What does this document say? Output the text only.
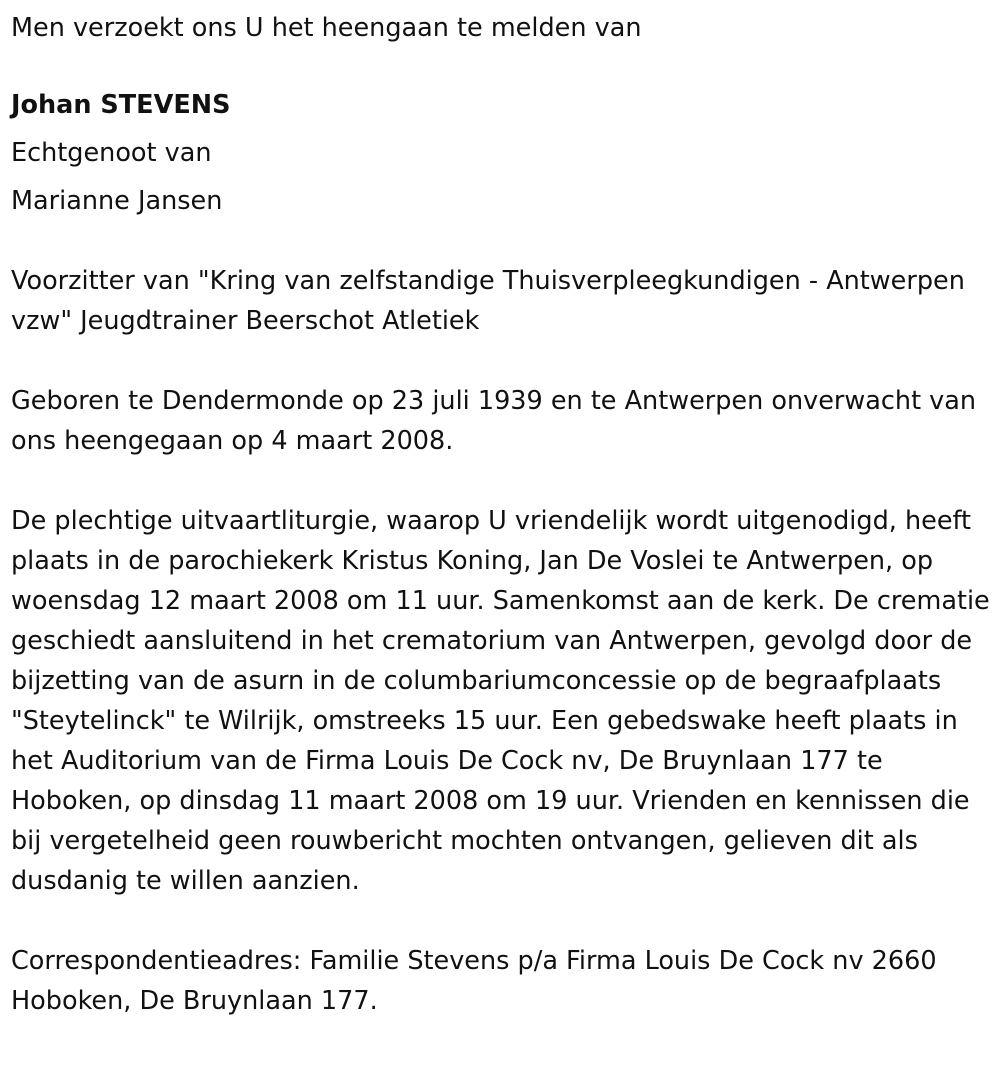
Men verzoekt ons U het heengaan te melden van

Johan STEVENS

Echtgenoot van

Marianne Jansen

Voorzitter van "Kring van zelfstandige Thuisverpleegkundigen - Antwerpen vzw" Jeugdtrainer Beerschot Atletiek

Geboren te Dendermonde op 23 juli 1939 en te Antwerpen onverwacht van ons heengegaan op 4 maart 2008.

De plechtige uitvaartliturgie, waarop U vriendelijk wordt uitgenodigd, heeft plaats in de parochiekerk Kristus Koning, Jan De Voslei te Antwerpen, op woensdag 12 maart 2008 om 11 uur. Samenkomst aan de kerk. De crematie geschiedt aansluitend in het crematorium van Antwerpen, gevolgd door de bijzetting van de asurn in de columbariumconcessie op de begraafplaats "Steytelinck" te Wilrijk, omstreeks 15 uur. Een gebedswake heeft plaats in het Auditorium van de Firma Louis De Cock nv, De Bruynlaan 177 te Hoboken, op dinsdag 11 maart 2008 om 19 uur. Vrienden en kennissen die bij vergetelheid geen rouwbericht mochten ontvangen, gelieven dit als dusdanig te willen aanzien.

Correspondentieadres: Familie Stevens p/a Firma Louis De Cock nv 2660 Hoboken, De Bruynlaan 177.
